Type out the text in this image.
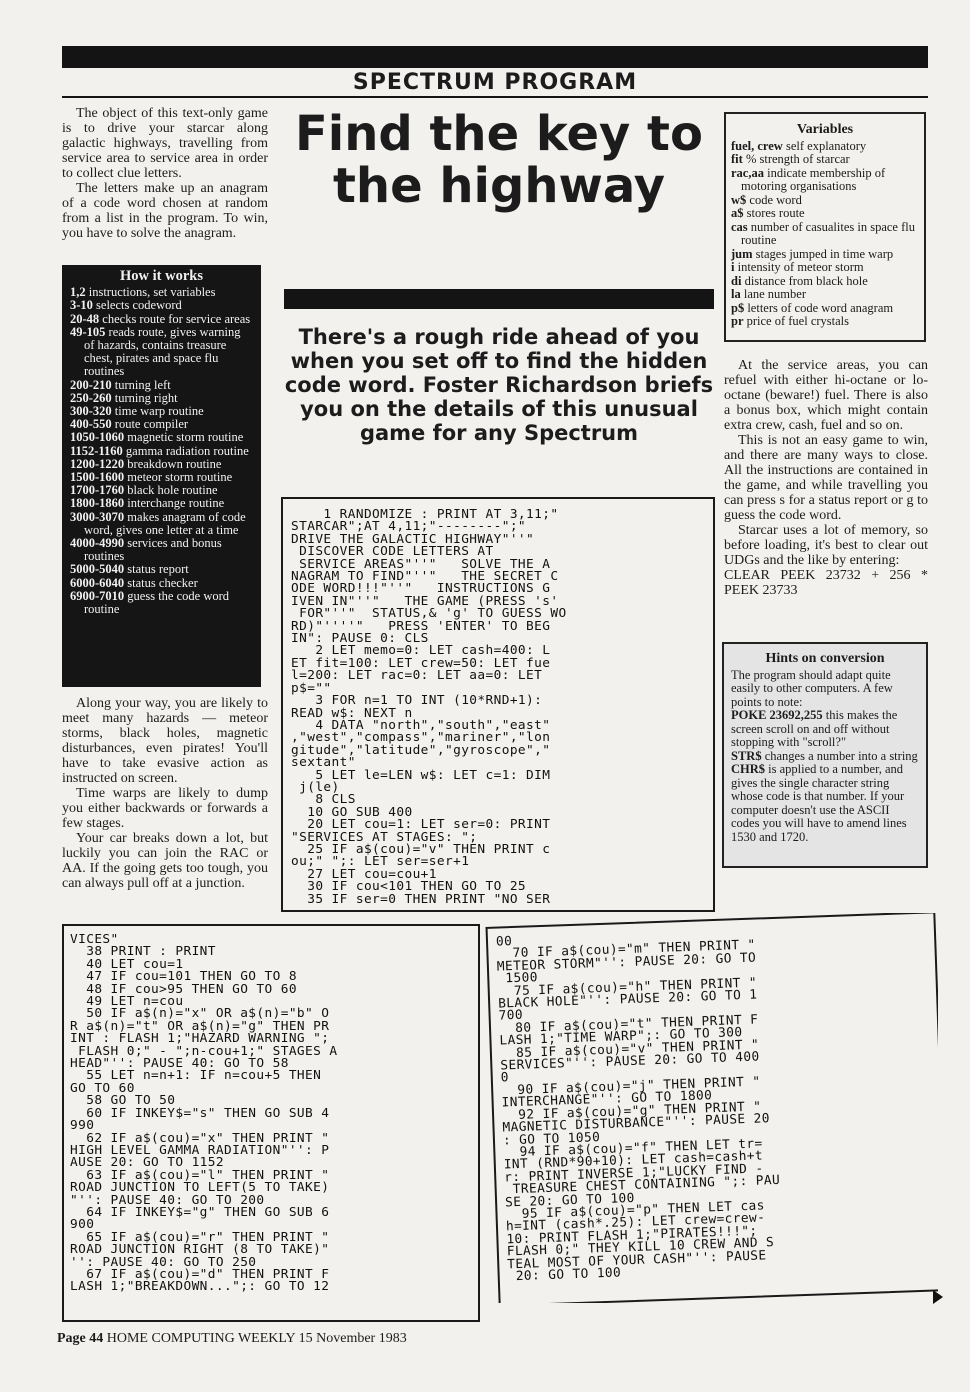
SPECTRUM PROGRAM

The object of this text-only game is to drive your starcar along galactic highways, travelling from service area to service area in order to collect clue letters.

The letters make up an anagram of a code word chosen at random from a list in the program. To win, you have to solve the anagram.

How it works
1,2 instructions, set variables
3-10 selects codeword
20-48 checks route for service areas
49-105 reads route, gives warning of hazards, contains treasure chest, pirates and space flu routines
200-210 turning left
250-260 turning right
300-320 time warp routine
400-550 route compiler
1050-1060 magnetic storm routine
1152-1160 gamma radiation routine
1200-1220 breakdown routine
1500-1600 meteor storm routine
1700-1760 black hole routine
1800-1860 interchange routine
3000-3070 makes anagram of code word, gives one letter at a time
4000-4990 services and bonus routines
5000-5040 status report
6000-6040 status checker
6900-7010 guess the code word routine

Along your way, you are likely to meet many hazards — meteor storms, black holes, magnetic disturbances, even pirates! You'll have to take evasive action as instructed on screen.

Time warps are likely to dump you either backwards or forwards a few stages.

Your car breaks down a lot, but luckily you can join the RAC or AA. If the going gets too tough, you can always pull off at a junction.

Find the key to the highway
There's a rough ride ahead of you when you set off to find the hidden code word. Foster Richardson briefs you on the details of this unusual game for any Spectrum
1 RANDOMIZE : PRINT AT 3,11;"
STARCAR";AT 4,11;"--------";"
DRIVE THE GALACTIC HIGHWAY"''"
DISCOVER CODE LETTERS AT
SERVICE AREAS"''"   SOLVE THE A
NAGRAM TO FIND"''"   THE SECRET C
ODE WORD!!!"''"   INSTRUCTIONS G
IVEN IN"''"   THE GAME (PRESS 's'
FOR"''"  STATUS,& 'g' TO GUESS WO
RD)"''''"   PRESS 'ENTER' TO BEG
IN": PAUSE 0: CLS
2 LET memo=0: LET cash=400: L
ET fit=100: LET crew=50: LET fue
l=200: LET rac=0: LET aa=0: LET
p$=""
3 FOR n=1 TO INT (10*RND+1):
READ w$: NEXT n
4 DATA "north","south","east"
,"west","compass","mariner","lon
gitude","latitude","gyroscope","
sextant"
5 LET le=LEN w$: LET c=1: DIM
j(le)
8 CLS
10 GO SUB 400
20 LET cou=1: LET ser=0: PRINT
"SERVICES AT STAGES: ";
25 IF a$(cou)="v" THEN PRINT c
ou;" ";: LET ser=ser+1
27 LET cou=cou+1
30 IF cou<101 THEN GO TO 25
35 IF ser=0 THEN PRINT "NO SER
Variables
fuel, crew self explanatory
fit % strength of starcar
rac,aa indicate membership of motoring organisations
w$ code word
a$ stores route
cas number of casualites in space flu routine
jum stages jumped in time warp
i intensity of meteor storm
di distance from black hole
la lane number
p$ letters of code word anagram
pr price of fuel crystals

At the service areas, you can refuel with either hi-octane or lo-octane (beware!) fuel. There is also a bonus box, which might contain extra crew, cash, fuel and so on.

This is not an easy game to win, and there are many ways to close. All the instructions are contained in the game, and while travelling you can press s for a status report or g to guess the code word.

Starcar uses a lot of memory, so before loading, it's best to clear out UDGs and the like by entering:

CLEAR PEEK 23732 + 256 * PEEK 23733

Hints on conversion
The program should adapt quite easily to other computers. A few points to note:
POKE 23692,255 this makes the screen scroll on and off without stopping with "scroll?"
STR$ changes a number into a string
CHR$ is applied to a number, and gives the single character string whose code is that number. If your computer doesn't use the ASCII codes you will have to amend lines 1530 and 1720.
VICES"
38 PRINT : PRINT
40 LET cou=1
47 IF cou=101 THEN GO TO 8
48 IF cou>95 THEN GO TO 60
49 LET n=cou
50 IF a$(n)="x" OR a$(n)="b" O
R a$(n)="t" OR a$(n)="g" THEN PR
INT : FLASH 1;"HAZARD WARNING ";
FLASH 0;" - ";n-cou+1;" STAGES A
HEAD"'': PAUSE 40: GO TO 58
55 LET n=n+1: IF n=cou+5 THEN
GO TO 60
58 GO TO 50
60 IF INKEY$="s" THEN GO SUB 4
990
62 IF a$(cou)="x" THEN PRINT "
HIGH LEVEL GAMMA RADIATION"'': P
AUSE 20: GO TO 1152
63 IF a$(cou)="l" THEN PRINT "
ROAD JUNCTION TO LEFT(5 TO TAKE)
"'': PAUSE 40: GO TO 200
64 IF INKEY$="g" THEN GO SUB 6
900
65 IF a$(cou)="r" THEN PRINT "
ROAD JUNCTION RIGHT (8 TO TAKE)"
'': PAUSE 40: GO TO 250
67 IF a$(cou)="d" THEN PRINT F
LASH 1;"BREAKDOWN...";: GO TO 12
00
70 IF a$(cou)="m" THEN PRINT "
METEOR STORM"'': PAUSE 20: GO TO
1500
75 IF a$(cou)="h" THEN PRINT "
BLACK HOLE"'': PAUSE 20: GO TO 1
700
80 IF a$(cou)="t" THEN PRINT F
LASH 1;"TIME WARP";: GO TO 300
85 IF a$(cou)="v" THEN PRINT "
SERVICES"'': PAUSE 20: GO TO 400
0
90 IF a$(cou)="j" THEN PRINT "
INTERCHANGE"'': GO TO 1800
92 IF a$(cou)="g" THEN PRINT "
MAGNETIC DISTURBANCE"'': PAUSE 20
: GO TO 1050
94 IF a$(cou)="f" THEN LET tr=
INT (RND*90+10): LET cash=cash+t
r: PRINT INVERSE 1;"LUCKY FIND -
TREASURE CHEST CONTAINING ";: PAU
SE 20: GO TO 100
95 IF a$(cou)="p" THEN LET cas
h=INT (cash*.25): LET crew=crew-
10: PRINT FLASH 1;"PIRATES!!!";
FLASH 0;" THEY KILL 10 CREW AND S
TEAL MOST OF YOUR CASH"'': PAUSE
20: GO TO 100
Page 44 HOME COMPUTING WEEKLY 15 November 1983
